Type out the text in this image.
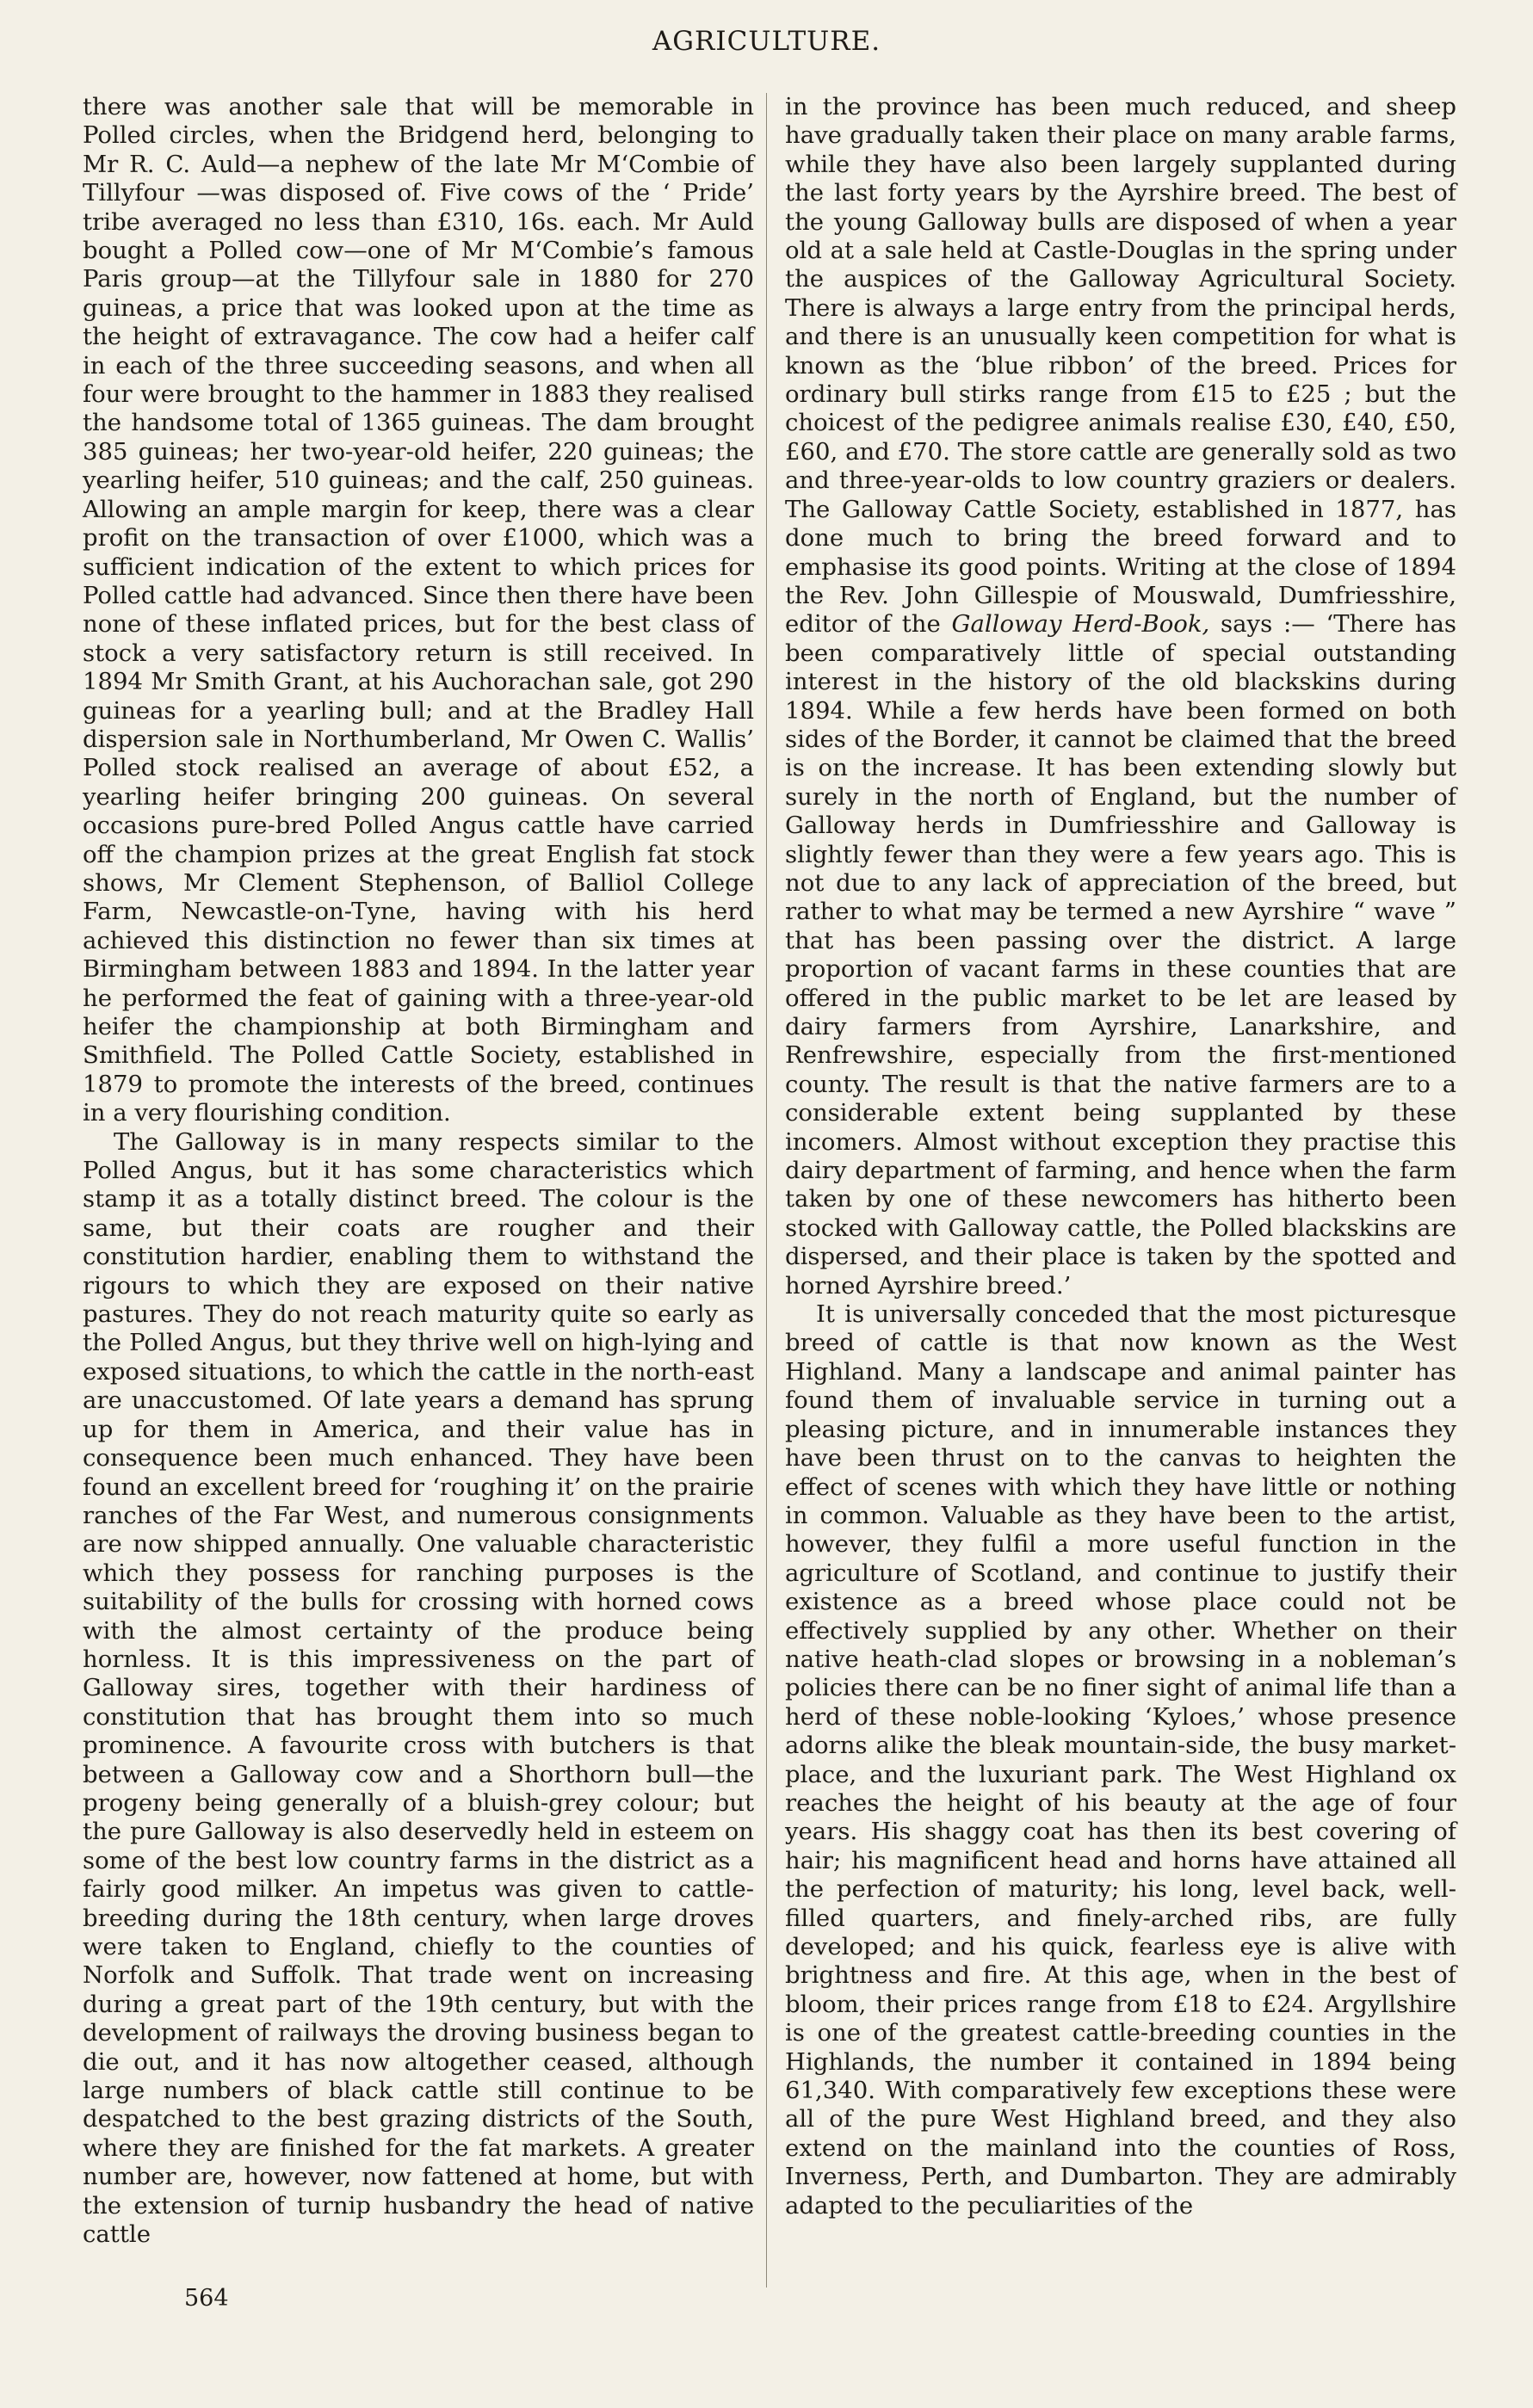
AGRICULTURE.

there was another sale that will be memorable in Polled circles, when the Bridgend herd, belonging to Mr R. C. Auld—a nephew of the late Mr M‘Combie of Tillyfour —was disposed of. Five cows of the ‘ Pride’ tribe averaged no less than £310, 16s. each. Mr Auld bought a Polled cow—one of Mr M‘Combie’s famous Paris group—at the Tillyfour sale in 1880 for 270 guineas, a price that was looked upon at the time as the height of extravagance. The cow had a heifer calf in each of the three succeeding seasons, and when all four were brought to the hammer in 1883 they realised the handsome total of 1365 guineas. The dam brought 385 guineas; her two-year-old heifer, 220 guineas; the yearling heifer, 510 guineas; and the calf, 250 guineas. Allowing an ample margin for keep, there was a clear profit on the transaction of over £1000, which was a sufficient indication of the extent to which prices for Polled cattle had advanced. Since then there have been none of these inflated prices, but for the best class of stock a very satisfactory return is still received. In 1894 Mr Smith Grant, at his Auchorachan sale, got 290 guineas for a yearling bull; and at the Bradley Hall dispersion sale in Northumberland, Mr Owen C. Wallis’ Polled stock realised an average of about £52, a yearling heifer bringing 200 guineas. On several occasions pure-bred Polled Angus cattle have carried off the champion prizes at the great English fat stock shows, Mr Clement Stephenson, of Balliol College Farm, Newcastle-on-Tyne, having with his herd achieved this distinction no fewer than six times at Birmingham between 1883 and 1894. In the latter year he performed the feat of gaining with a three-year-old heifer the championship at both Birmingham and Smithfield. The Polled Cattle Society, established in 1879 to promote the interests of the breed, continues in a very flourishing condition.

The Galloway is in many respects similar to the Polled Angus, but it has some characteristics which stamp it as a totally distinct breed. The colour is the same, but their coats are rougher and their constitution hardier, enabling them to withstand the rigours to which they are exposed on their native pastures. They do not reach maturity quite so early as the Polled Angus, but they thrive well on high-lying and exposed situations, to which the cattle in the north-east are unaccustomed. Of late years a demand has sprung up for them in America, and their value has in consequence been much enhanced. They have been found an excellent breed for ‘roughing it’ on the prairie ranches of the Far West, and numerous consignments are now shipped annually. One valuable characteristic which they possess for ranching purposes is the suitability of the bulls for crossing with horned cows with the almost certainty of the produce being hornless. It is this impressiveness on the part of Galloway sires, together with their hardiness of constitution that has brought them into so much prominence. A favourite cross with butchers is that between a Galloway cow and a Shorthorn bull—the progeny being generally of a bluish-grey colour; but the pure Galloway is also deservedly held in esteem on some of the best low country farms in the district as a fairly good milker. An impetus was given to cattle-breeding during the 18th century, when large droves were taken to England, chiefly to the counties of Norfolk and Suffolk. That trade went on increasing during a great part of the 19th century, but with the development of railways the droving business began to die out, and it has now altogether ceased, although large numbers of black cattle still continue to be despatched to the best grazing districts of the South, where they are finished for the fat markets. A greater number are, however, now fattened at home, but with the extension of turnip husbandry the head of native cattle

in the province has been much reduced, and sheep have gradually taken their place on many arable farms, while they have also been largely supplanted during the last forty years by the Ayrshire breed. The best of the young Galloway bulls are disposed of when a year old at a sale held at Castle-Douglas in the spring under the auspices of the Galloway Agricultural Society. There is always a large entry from the principal herds, and there is an unusually keen competition for what is known as the ‘blue ribbon’ of the breed. Prices for ordinary bull stirks range from £15 to £25 ; but the choicest of the pedigree animals realise £30, £40, £50, £60, and £70. The store cattle are generally sold as two and three-year-olds to low country graziers or dealers. The Galloway Cattle Society, established in 1877, has done much to bring the breed forward and to emphasise its good points. Writing at the close of 1894 the Rev. John Gillespie of Mouswald, Dumfriesshire, editor of the Galloway Herd-Book, says :— ‘There has been comparatively little of special outstanding interest in the history of the old blackskins during 1894. While a few herds have been formed on both sides of the Border, it cannot be claimed that the breed is on the increase. It has been extending slowly but surely in the north of England, but the number of Galloway herds in Dumfriesshire and Galloway is slightly fewer than they were a few years ago. This is not due to any lack of appreciation of the breed, but rather to what may be termed a new Ayrshire “ wave ” that has been passing over the district. A large proportion of vacant farms in these counties that are offered in the public market to be let are leased by dairy farmers from Ayrshire, Lanarkshire, and Renfrewshire, especially from the first-mentioned county. The result is that the native farmers are to a considerable extent being supplanted by these incomers. Almost without exception they practise this dairy department of farming, and hence when the farm taken by one of these newcomers has hitherto been stocked with Galloway cattle, the Polled blackskins are dispersed, and their place is taken by the spotted and horned Ayrshire breed.’

It is universally conceded that the most picturesque breed of cattle is that now known as the West Highland. Many a landscape and animal painter has found them of invaluable service in turning out a pleasing picture, and in innumerable instances they have been thrust on to the canvas to heighten the effect of scenes with which they have little or nothing in common. Valuable as they have been to the artist, however, they fulfil a more useful function in the agriculture of Scotland, and continue to justify their existence as a breed whose place could not be effectively supplied by any other. Whether on their native heath-clad slopes or browsing in a nobleman’s policies there can be no finer sight of animal life than a herd of these noble-looking ‘Kyloes,’ whose presence adorns alike the bleak mountain-side, the busy market-place, and the luxuriant park. The West Highland ox reaches the height of his beauty at the age of four years. His shaggy coat has then its best covering of hair; his magnificent head and horns have attained all the perfection of maturity; his long, level back, well-filled quarters, and finely-arched ribs, are fully developed; and his quick, fearless eye is alive with brightness and fire. At this age, when in the best of bloom, their prices range from £18 to £24. Argyllshire is one of the greatest cattle-breeding counties in the Highlands, the number it contained in 1894 being 61,340. With comparatively few exceptions these were all of the pure West Highland breed, and they also extend on the mainland into the counties of Ross, Inverness, Perth, and Dumbarton. They are admirably adapted to the peculiarities of the

564
